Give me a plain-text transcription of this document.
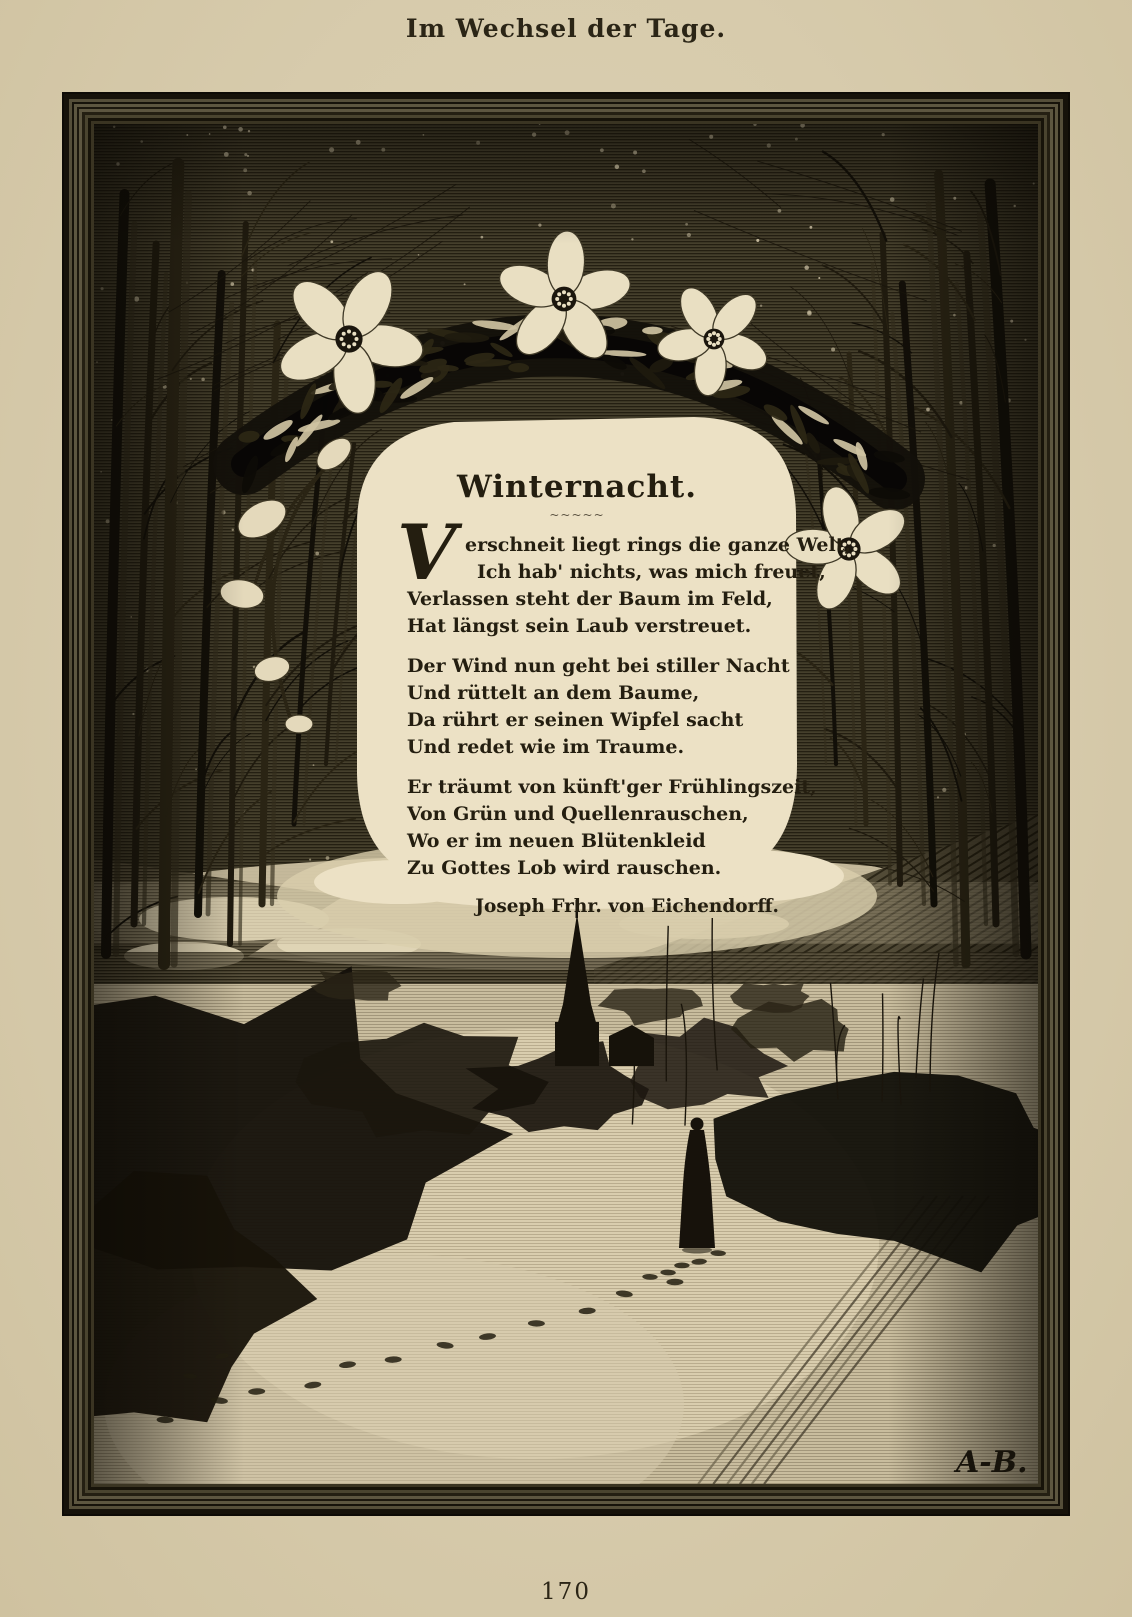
Im Wechsel der Tage.
A-B.
Winternacht.
~~~~~
V erschneit liegt rings die ganze Welt,
Ich hab' nichts, was mich freuet,
Verlassen steht der Baum im Feld,
Hat längst sein Laub verstreuet.
Der Wind nun geht bei stiller Nacht
Und rüttelt an dem Baume,
Da rührt er seinen Wipfel sacht
Und redet wie im Traume.
Er träumt von künft'ger Frühlingszeit,
Von Grün und Quellenrauschen,
Wo er im neuen Blütenkleid
Zu Gottes Lob wird rauschen.
Joseph Frhr. von Eichendorff.
170
